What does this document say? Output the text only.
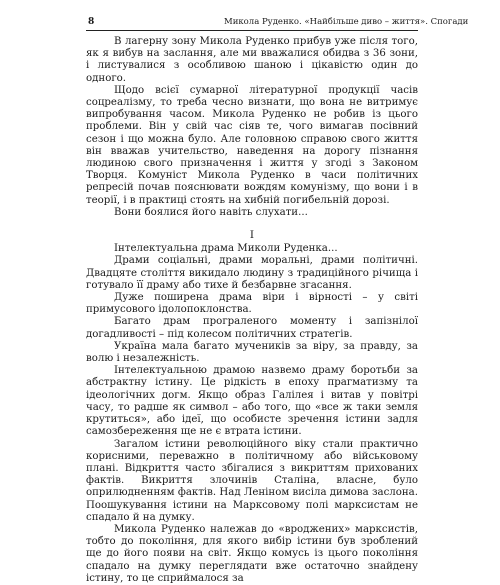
8	Микола Руденко. «Найбільше диво – життя». Спогади

В лагерну зону Микола Руденко прибув уже після того, як я вибув на заслання, але ми вважалися обидва з 36 зони, і листувалися з особливою шаною і цікавістю один до одного.

Щодо всієї сумарної літературної продукції часів соцреалізму, то треба чесно визнати, що вона не витримує випробування часом. Микола Руденко не робив із цього проблеми. Він у свій час сіяв те, чого вимагав посівний сезон і що можна було. Але головною справою свого життя він вважав учительство, наведення на дорогу пізнання людиною свого призначення і життя у згоді з Законом Творця. Комуніст Микола Руденко в часи політичних репресій почав пояснювати вождям комунізму, що вони і в теорії, і в практиці стоять на хибній погибельній дорозі.

Вони боялися його навіть слухати...

I

Інтелектуальна драма Миколи Руденка...

Драми соціальні, драми моральні, драми політичні. Двадцяте століття викидало людину з традиційного річища і готувало її драму або тихе й безбарвне згасання.

Дуже поширена драма віри і вірності – у світі примусового ідолопоклонства.

Багато драм програленого моменту і запізнілої догадливості – під колесом політичних стратегів.

Україна мала багато мучеників за віру, за правду, за волю і незалежність.

Інтелектуальною драмою назвемо драму боротьби за абстрактну істину. Це рідкість в епоху прагматизму та ідеологічних догм. Якщо образ Галілея і витав у повітрі часу, то радше як символ – або того, що «все ж таки земля крутиться», або ідеї, що особисте зречення істини задля самозбереження ще не є втрата істини.

Загалом істини революційного віку стали практично корисними, переважно в політичному або військовому плані. Відкриття часто збігалися з викриттям прихованих фактів. Викриття злочинів Сталіна, власне, було оприлюдненням фактів. Над Леніном висіла димова заслона. Поошукування істини на Марксовому полі марксистам не спадало й на думку.

Микола Руденко належав до «вроджених» марксистів, тобто до покоління, для якого вибір істини був зроблений ще до його появи на світ. Якщо комусь із цього покоління спадало на думку переглядати вже остаточно знайдену істину, то це сприймалося за
